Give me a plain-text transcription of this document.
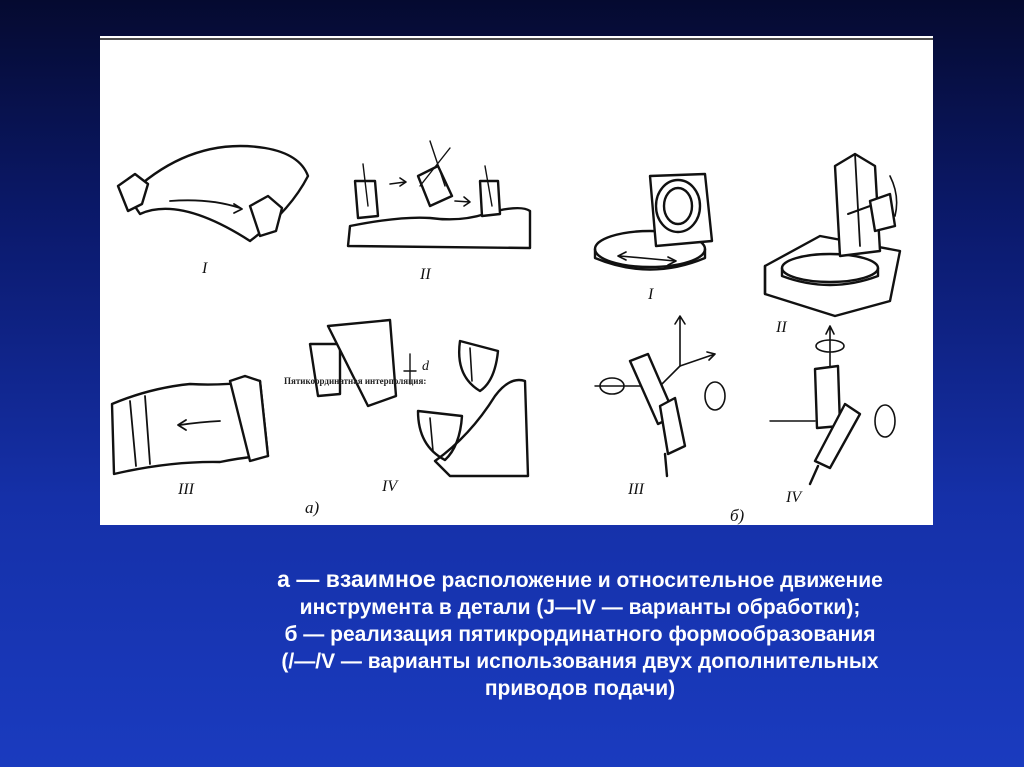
I	II
III
d
IV
а)
I
II
III	IV
б)
Пятикоординатная интерполяция:
а — взаимное расположение и относительное движение
инструмента в детали (J—IV — варианты обработки);
б — реализация пятикрординатного формообразования
(/—/V — варианты использования двух дополнительных
приводов подачи)
